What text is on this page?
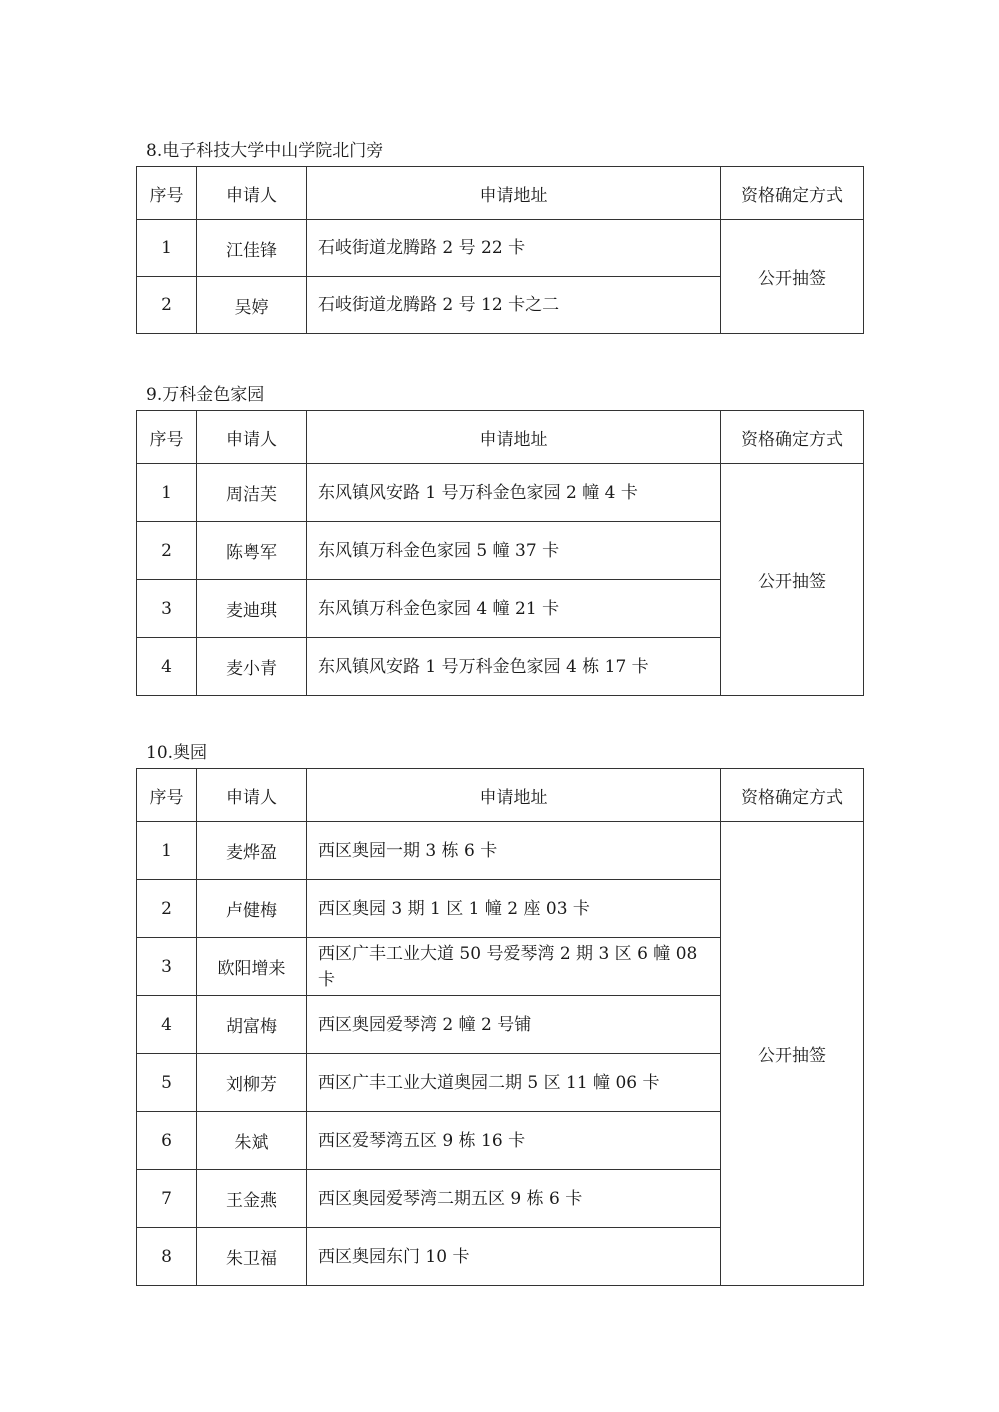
8.电子科技大学中山学院北门旁

序号	申请人	申请地址	资格确定方式
1	江佳锋	石岐街道龙腾路 2 号 22 卡	公开抽签
2	吴婷	石岐街道龙腾路 2 号 12 卡之二	

9.万科金色家园

序号	申请人	申请地址	资格确定方式
1	周洁芙	东风镇风安路 1 号万科金色家园 2 幢 4 卡	公开抽签
2	陈粤军	东风镇万科金色家园 5 幢 37 卡	
3	麦迪琪	东风镇万科金色家园 4 幢 21 卡	
4	麦小青	东风镇风安路 1 号万科金色家园 4 栋 17 卡	

10.奥园

序号	申请人	申请地址	资格确定方式
1	麦烨盈	西区奥园一期 3 栋 6 卡	公开抽签
2	卢健梅	西区奥园 3 期 1 区 1 幢 2 座 03 卡	
3	欧阳增来	西区广丰工业大道 50 号爱琴湾 2 期 3 区 6 幢 08 卡	
4	胡富梅	西区奥园爱琴湾 2 幢 2 号铺	
5	刘柳芳	西区广丰工业大道奥园二期 5 区 11 幢 06 卡	
6	朱斌	西区爱琴湾五区 9 栋 16 卡	
7	王金燕	西区奥园爱琴湾二期五区 9 栋 6 卡	
8	朱卫福	西区奥园东门 10 卡	
